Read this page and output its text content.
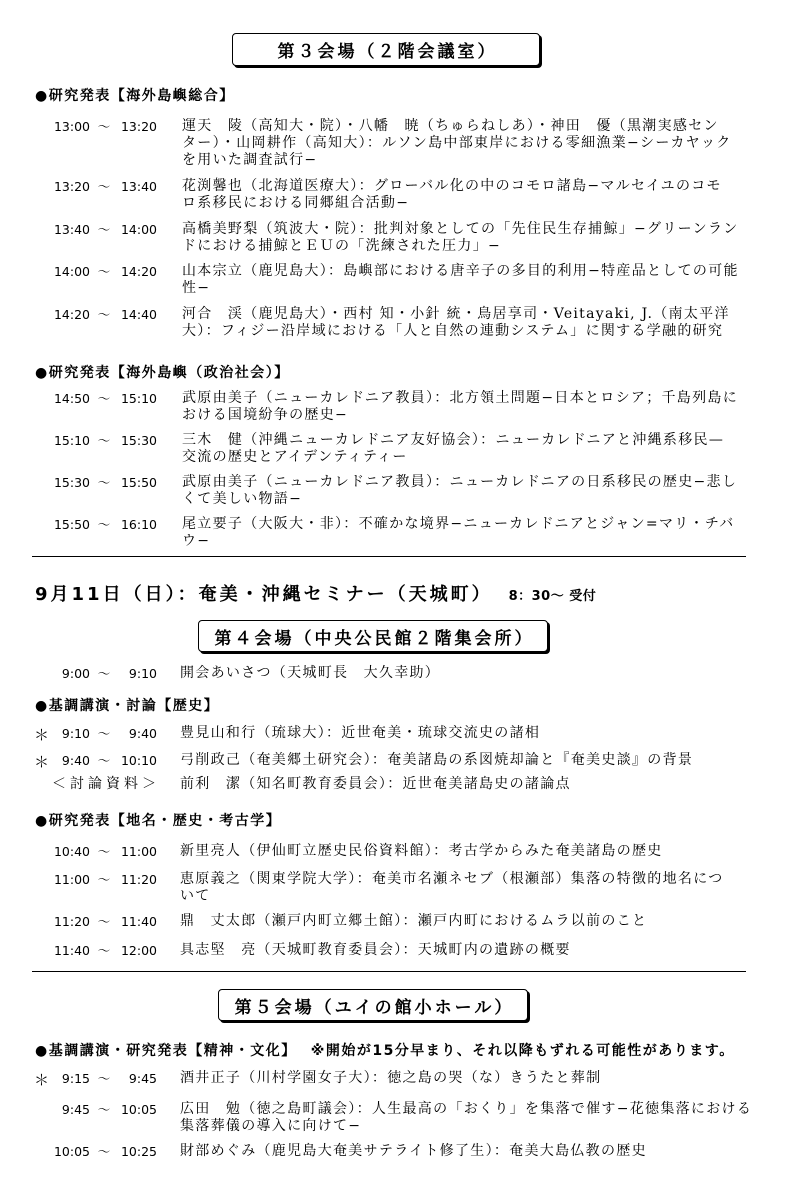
第３会場（２階会議室）
●研究発表【海外島嶼総合】
13:00 〜 13:20 運天　陵（高知大・院）・八幡　暁（ちゅらねしあ）・神田　優（黒潮実感セン
ター）・山岡耕作（高知大）：ルソン島中部東岸における零細漁業−シーカヤック
を用いた調査試行−
13:20 〜 13:40 花渕馨也（北海道医療大）：グローバル化の中のコモロ諸島−マルセイユのコモ
ロ系移民における同郷組合活動−
13:40 〜 14:00 高橋美野梨（筑波大・院）：批判対象としての「先住民生存捕鯨」−グリーンラン
ドにおける捕鯨とＥＵの「洗練された圧力」−
14:00 〜 14:20 山本宗立（鹿児島大）：島嶼部における唐辛子の多目的利用−特産品としての可能
性−
14:20 〜 14:40 河合　渓（鹿児島大）・西村 知・小針 統・鳥居享司・Veitayaki, J.（南太平洋
大）：フィジー沿岸域における「人と自然の連動システム」に関する学融的研究
●研究発表【海外島嶼（政治社会）】
14:50 〜 15:10 武原由美子（ニューカレドニア教員）：北方領土問題−日本とロシア；千島列島に
おける国境紛争の歴史−
15:10 〜 15:30 三木　健（沖縄ニューカレドニア友好協会）：ニューカレドニアと沖縄系移民—
交流の歴史とアイデンティティー
15:30 〜 15:50 武原由美子（ニューカレドニア教員）：ニューカレドニアの日系移民の歴史−悲し
くて美しい物語−
15:50 〜 16:10 尾立要子（大阪大・非）：不確かな境界−ニューカレドニアとジャン=マリ・チバ
ウ−
9月11日（日）：奄美・沖縄セミナー（天城町） 8：30〜 受付
第４会場（中央公民館２階集会所）
9:00 〜 9:10 開会あいさつ（天城町長　大久幸助）
●基調講演・討論【歴史】
＊	9:10 〜 9:40 豊見山和行（琉球大）：近世奄美・琉球交流史の諸相
＊	9:40 〜 10:10 弓削政己（奄美郷土研究会）：奄美諸島の系図焼却論と『奄美史談』の背景
＜討論資料＞ 前利　潔（知名町教育委員会）：近世奄美諸島史の諸論点
●研究発表【地名・歴史・考古学】
10:40 〜 11:00 新里亮人（伊仙町立歴史民俗資料館）：考古学からみた奄美諸島の歴史
11:00 〜 11:20 恵原義之（関東学院大学）：奄美市名瀬ネセブ（根瀬部）集落の特徴的地名につ
いて
11:20 〜 11:40 鼎　丈太郎（瀬戸内町立郷土館）：瀬戸内町におけるムラ以前のこと
11:40 〜 12:00 具志堅　亮（天城町教育委員会）：天城町内の遺跡の概要
第５会場（ユイの館小ホール）
●基調講演・研究発表【精神・文化】 ※開始が15分早まり、それ以降もずれる可能性があります。
＊	9:15 〜 9:45 酒井正子（川村学園女子大）：徳之島の哭（な）きうたと葬制
9:45 〜 10:05 広田　勉（徳之島町議会）：人生最高の「おくり」を集落で催す−花徳集落における
集落葬儀の導入に向けて−
10:05 〜 10:25 財部めぐみ（鹿児島大奄美サテライト修了生）：奄美大島仏教の歴史
